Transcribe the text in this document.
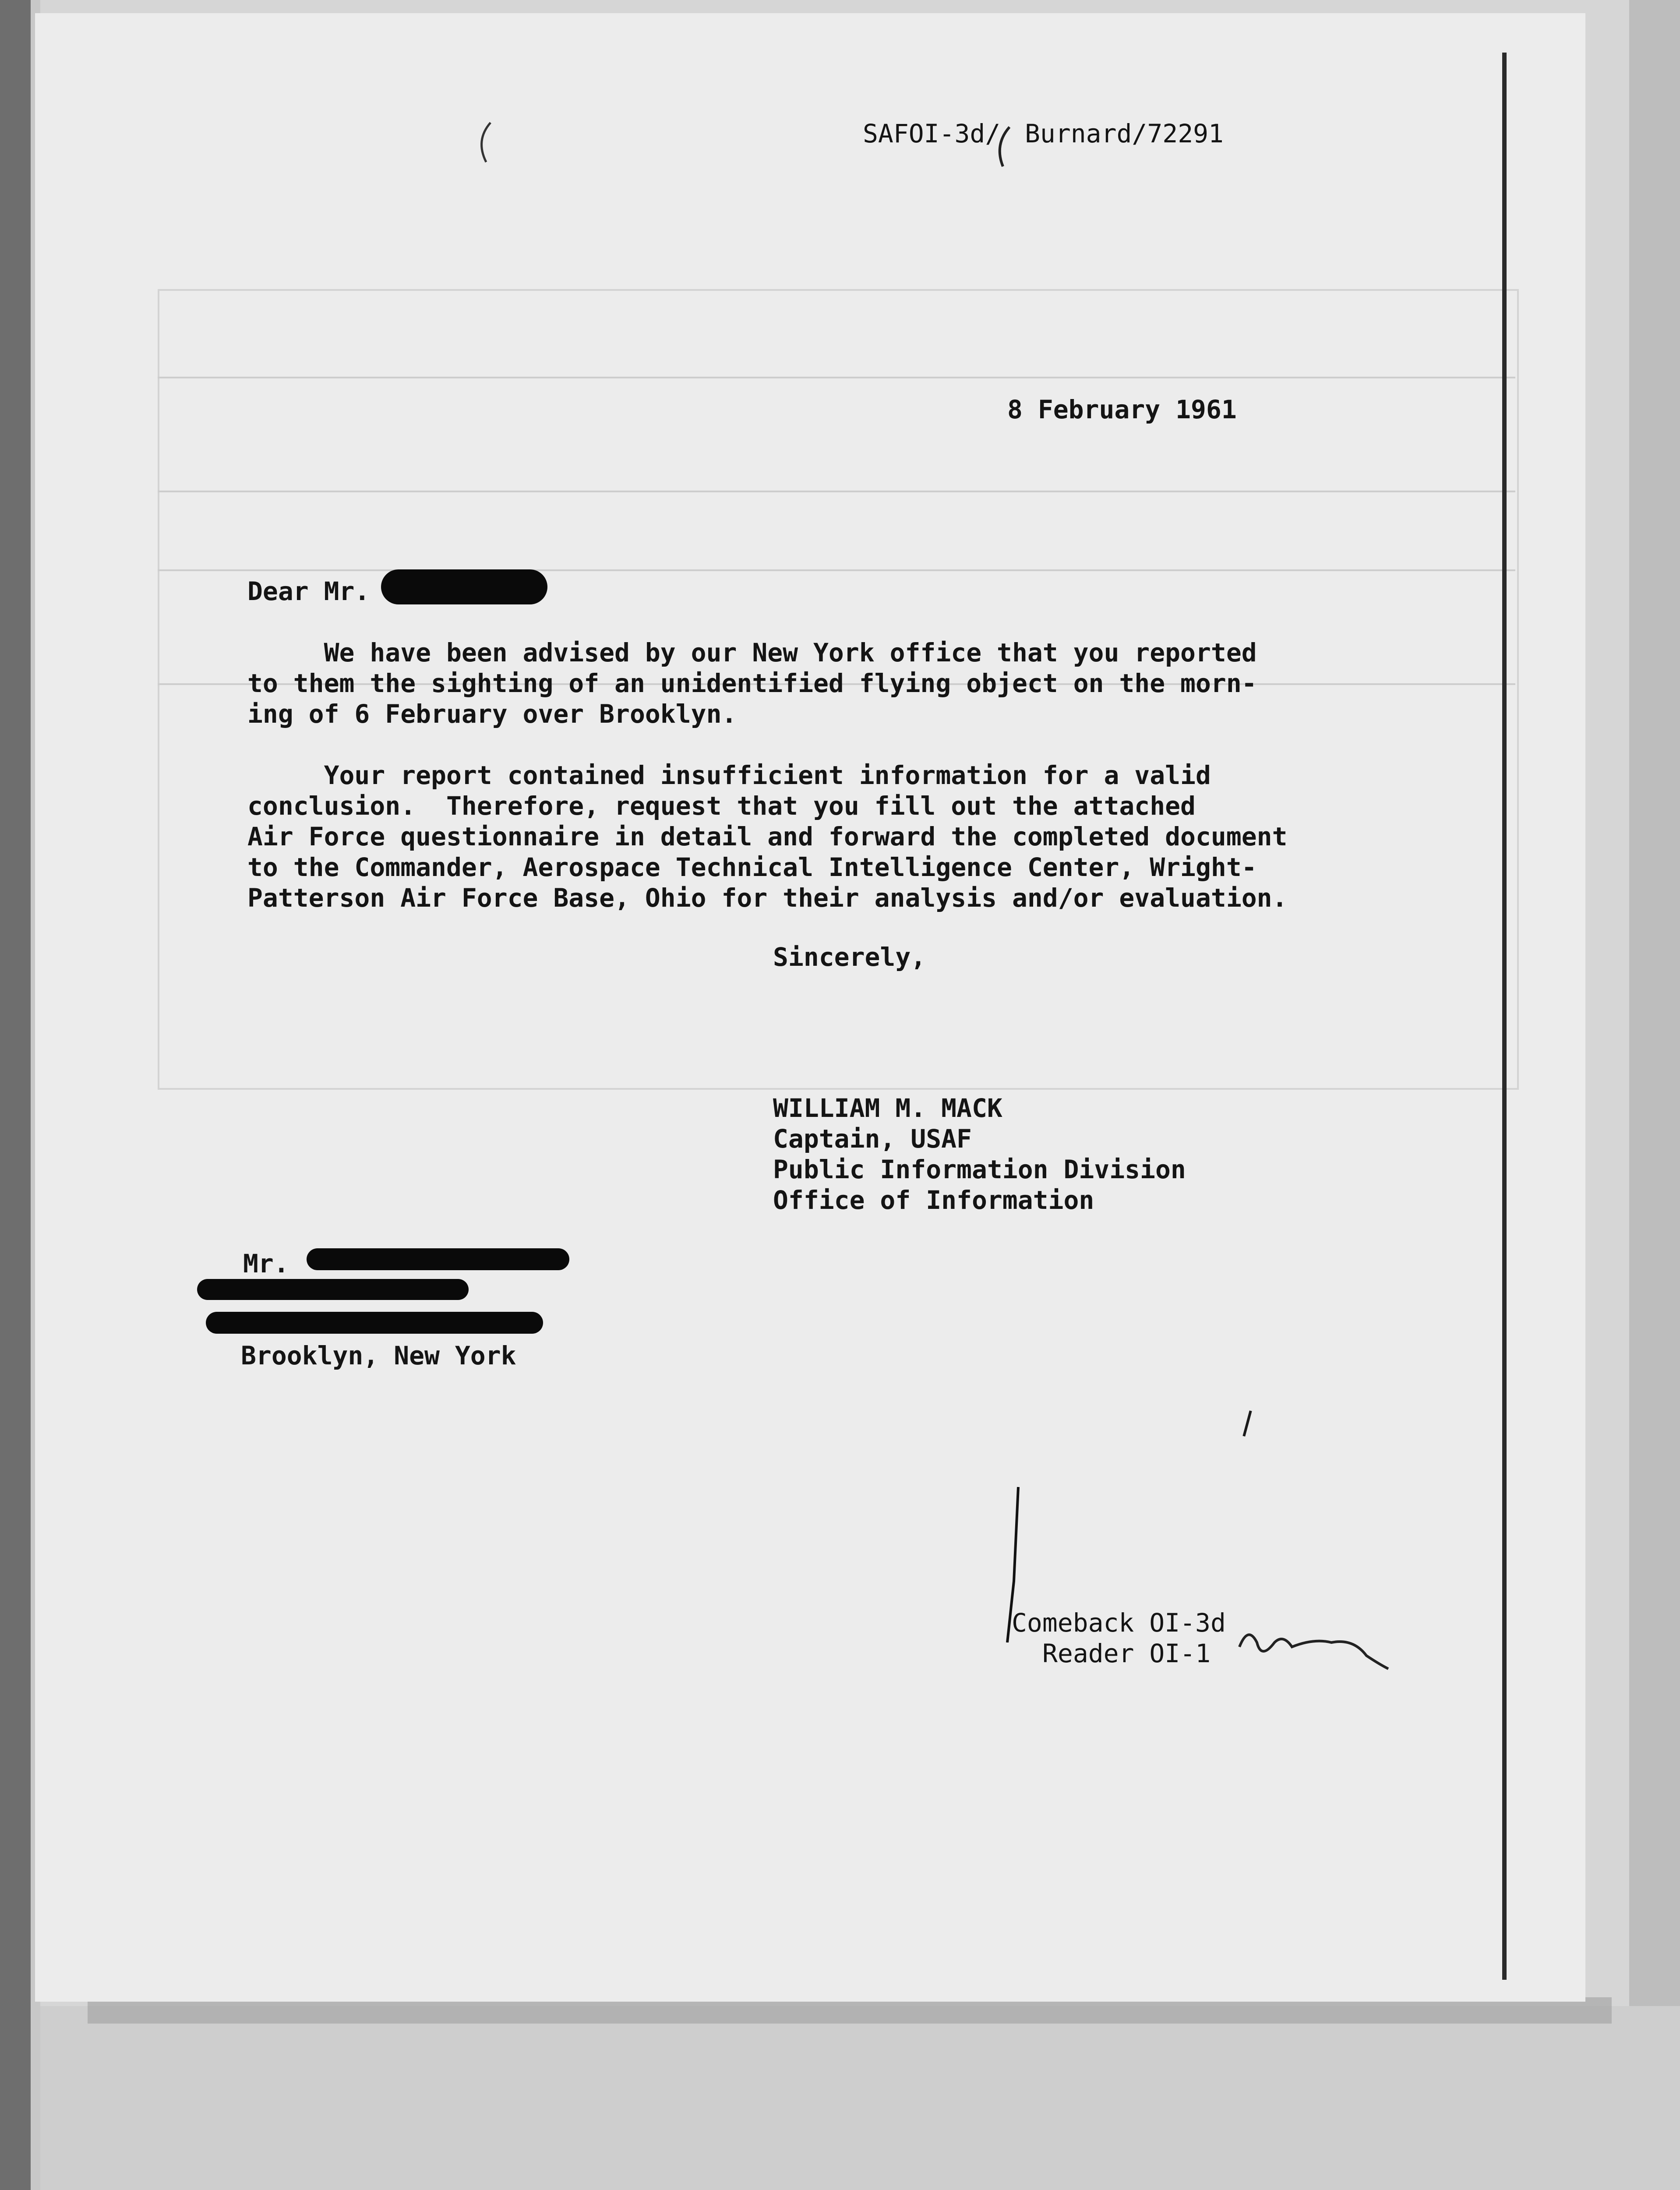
SAFOI-3d/ Burnard/72291
8 February 1961
Dear Mr.
We have been advised by our New York office that you reported
to them the sighting of an unidentified flying object on the morn-
ing of 6 February over Brooklyn.
Your report contained insufficient information for a valid
conclusion.  Therefore, request that you fill out the attached
Air Force questionnaire in detail and forward the completed document
to the Commander, Aerospace Technical Intelligence Center, Wright-
Patterson Air Force Base, Ohio for their analysis and/or evaluation.
Sincerely,
WILLIAM M. MACK
Captain, USAF
Public Information Division
Office of Information
Mr.
Brooklyn, New York
Comeback OI-3d
Reader OI-1
